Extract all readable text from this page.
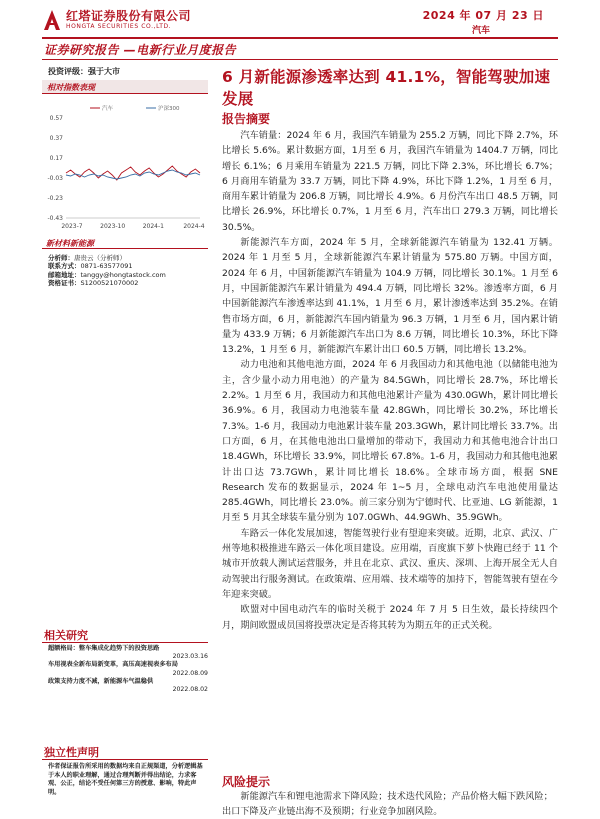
红塔证券股份有限公司
HONGTA SECURITIES CO.,LTD.
2024 年 07 月 23 日
汽车
证券研究报告 —电新行业月度报告
投资评级：强于大市
相对指数表现
0.57
0.37
0.17
-0.03
-0.23
-0.43
2023-7	2023-10	2024-1	2024-4
汽车	沪深300
新材料新能源
分析师：唐贵云（分析师）
联系方式：0871-63577091
邮箱地址：tanggy@hongtastock.com
资格证书：S1200521070002
相关研究
超额格局：整车集成化趋势下的投资思路
2023.03.16
车用视表全新布局新变革，高压高速视表多布局
2022.08.09
政策支持力度不减，新能源车气温稳供
2022.08.02
独立性声明
作者保证报告所采用的数据均来自正规渠道，分析逻辑基于本人的职业理解，通过合理判断并得出结论，力求客观、公正，结论不受任何第三方的授意、影响，特此声明。
6 月新能源渗透率达到 41.1%，智能驾驶加速发展
报告摘要

汽车销量：2024 年 6 月，我国汽车销量为 255.2 万辆，同比下降 2.7%，环比增长 5.6%。累计数据方面，1月至 6 月，我国汽车销量为 1404.7 万辆，同比增长 6.1%；6 月乘用车销量为 221.5 万辆，同比下降 2.3%，环比增长 6.7%；6 月商用车销量为 33.7 万辆，同比下降 4.9%，环比下降 1.2%，1 月至 6 月，商用车累计销量为 206.8 万辆，同比增长 4.9%。6 月份汽车出口 48.5 万辆，同比增长 26.9%，环比增长 0.7%，1 月至 6 月，汽车出口 279.3 万辆，同比增长 30.5%。

新能源汽车方面，2024 年 5 月，全球新能源汽车销量为 132.41 万辆。2024 年 1 月至 5 月，全球新能源汽车累计销量为 575.80 万辆。中国方面，2024 年 6 月，中国新能源汽车销量为 104.9 万辆，同比增长 30.1%。1 月至 6 月，中国新能源汽车累计销量为 494.4 万辆，同比增长 32%。渗透率方面，6 月中国新能源汽车渗透率达到 41.1%，1 月至 6 月，累计渗透率达到 35.2%。在销售市场方面，6 月，新能源汽车国内销量为 96.3 万辆，1 月至 6 月，国内累计销量为 433.9 万辆；6 月新能源汽车出口为 8.6 万辆，同比增长 10.3%，环比下降 13.2%，1 月至 6 月，新能源汽车累计出口 60.5 万辆，同比增长 13.2%。

动力电池和其他电池方面，2024 年 6 月我国动力和其他电池（以储能电池为主，含少量小动力用电池）的产量为 84.5GWh，同比增长 28.7%，环比增长 2.2%。1 月至 6 月，我国动力和其他电池累计产量为 430.0GWh，累计同比增长 36.9%。6 月，我国动力电池装车量 42.8GWh，同比增长 30.2%，环比增长 7.3%。1-6 月，我国动力电池累计装车量 203.3GWh，累计同比增长 33.7%。出口方面，6 月，在其他电池出口量增加的带动下，我国动力和其他电池合计出口 18.4GWh，环比增长 33.9%，同比增长 67.8%。1-6 月，我国动力和其他电池累计出口达 73.7GWh，累计同比增长 18.6%。全球市场方面，根据 SNE Research 发布的数据显示，2024 年 1~5 月，全球电动汽车电池使用量达 285.4GWh，同比增长 23.0%。前三家分别为宁德时代、比亚迪、LG 新能源，1 月至 5 月其全球装车量分别为 107.0GWh、44.9GWh、35.9GWh。

车路云一体化发展加速，智能驾驶行业有望迎来突破。近期，北京、武汉、广州等地积极推进车路云一体化项目建设。应用端，百度旗下萝卜快跑已经于 11 个城市开放载人测试运营服务，并且在北京、武汉、重庆、深圳、上海开展全无人自动驾驶出行服务测试。在政策端、应用端、技术端等的加持下，智能驾驶有望在今年迎来突破。

欧盟对中国电动汽车的临时关税于 2024 年 7 月 5 日生效，最长持续四个月，期间欧盟成员国将投票决定是否将其转为为期五年的正式关税。

风险提示
新能源汽车和锂电池需求下降风险；技术迭代风险；产品价格大幅下跌风险；出口下降及产业链出海不及预期；行业竞争加剧风险。
